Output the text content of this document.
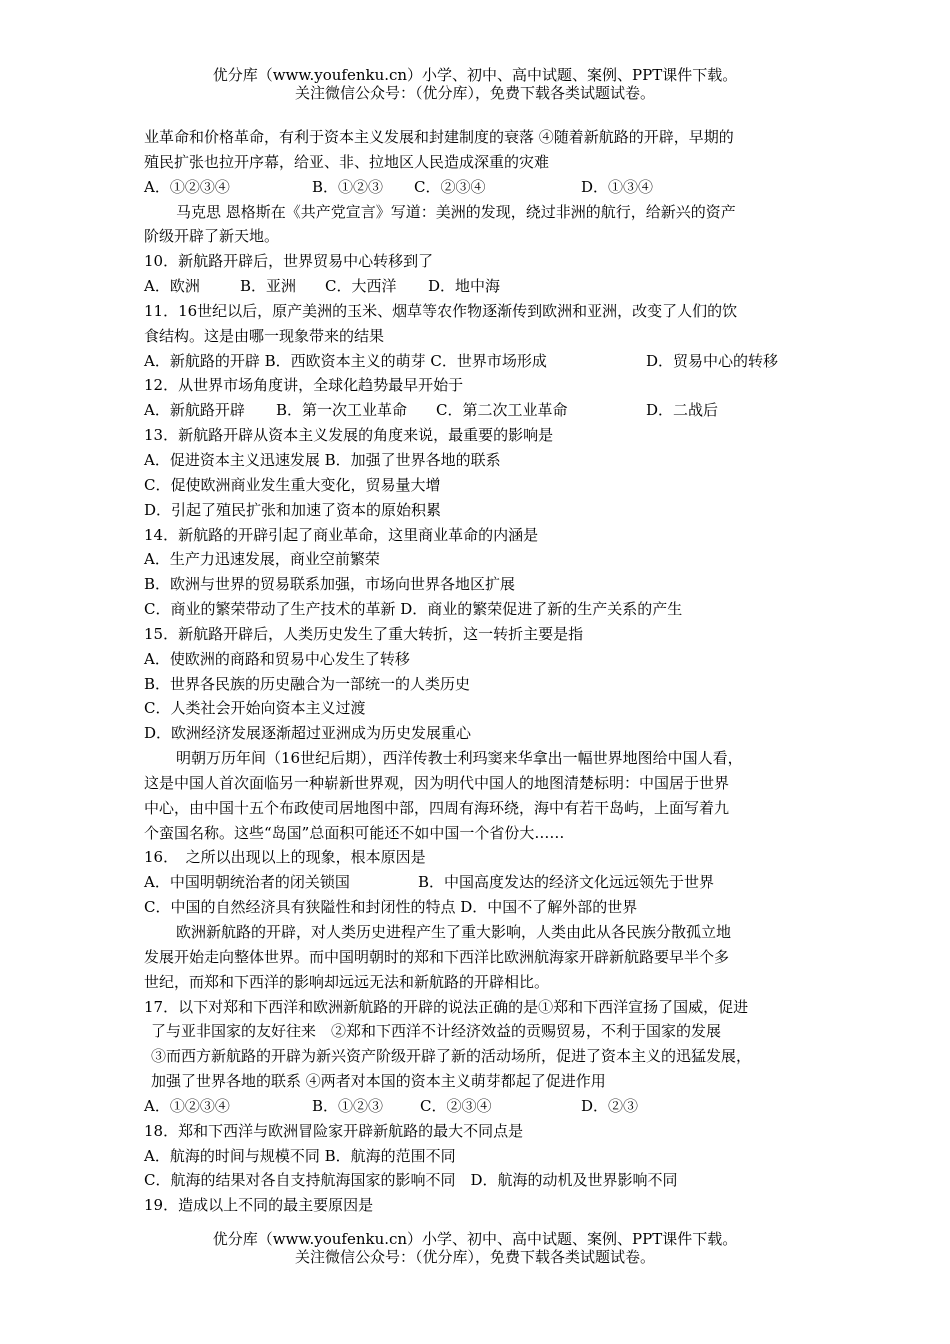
优分库（www.youfenku.cn）小学、初中、高中试题、案例、PPT课件下载。
关注微信公众号：（优分库），免费下载各类试题试卷。
业革命和价格革命，有利于资本主义发展和封建制度的衰落 ④随着新航路的开辟，早期的
殖民扩张也拉开序幕，给亚、非、拉地区人民造成深重的灾难
A．①②③④	B．①②③ C．②③④	D．①③④
马克思 恩格斯在《共产党宣言》写道：美洲的发现，绕过非洲的航行，给新兴的资产
阶级开辟了新天地。
10．新航路开辟后，世界贸易中心转移到了
A．欧洲	B．亚洲 C．大西洋 D．地中海
11．16世纪以后，原产美洲的玉米、烟草等农作物逐渐传到欧洲和亚洲，改变了人们的饮
食结构。这是由哪一现象带来的结果
A．新航路的开辟 B．西欧资本主义的萌芽 C．世界市场形成	D．贸易中心的转移
12．从世界市场角度讲，全球化趋势最早开始于
A．新航路开辟 B．第一次工业革命 C．第二次工业革命	D．二战后
13．新航路开辟从资本主义发展的角度来说，最重要的影响是
A．促进资本主义迅速发展 B．加强了世界各地的联系
C．促使欧洲商业发生重大变化，贸易量大增
D．引起了殖民扩张和加速了资本的原始积累
14．新航路的开辟引起了商业革命，这里商业革命的内涵是
A．生产力迅速发展，商业空前繁荣
B．欧洲与世界的贸易联系加强，市场向世界各地区扩展
C．商业的繁荣带动了生产技术的革新 D．商业的繁荣促进了新的生产关系的产生
15．新航路开辟后，人类历史发生了重大转折，这一转折主要是指
A．使欧洲的商路和贸易中心发生了转移
B．世界各民族的历史融合为一部统一的人类历史
C．人类社会开始向资本主义过渡
D．欧洲经济发展逐渐超过亚洲成为历史发展重心
明朝万历年间（16世纪后期），西洋传教士利玛窦来华拿出一幅世界地图给中国人看，
这是中国人首次面临另一种崭新世界观，因为明代中国人的地图清楚标明：中国居于世界
中心，由中国十五个布政使司居地图中部，四周有海环绕，海中有若干岛屿，上面写着九
个蛮国名称。这些“岛国”总面积可能还不如中国一个省份大……
16．　之所以出现以上的现象，根本原因是
A．中国明朝统治者的闭关锁国	B．中国高度发达的经济文化远远领先于世界
C．中国的自然经济具有狭隘性和封闭性的特点 D．中国不了解外部的世界
欧洲新航路的开辟，对人类历史进程产生了重大影响，人类由此从各民族分散孤立地
发展开始走向整体世界。而中国明朝时的郑和下西洋比欧洲航海家开辟新航路要早半个多
世纪，而郑和下西洋的影响却远远无法和新航路的开辟相比。
17．以下对郑和下西洋和欧洲新航路的开辟的说法正确的是①郑和下西洋宣扬了国威，促进
了与亚非国家的友好往来　②郑和下西洋不计经济效益的贡赐贸易，不利于国家的发展
③而西方新航路的开辟为新兴资产阶级开辟了新的活动场所，促进了资本主义的迅猛发展，
加强了世界各地的联系 ④两者对本国的资本主义萌芽都起了促进作用
A．①②③④	B．①②③ C．②③④	D．②③
18．郑和下西洋与欧洲冒险家开辟新航路的最大不同点是
A．航海的时间与规模不同 B．航海的范围不同
C．航海的结果对各自支持航海国家的影响不同　D．航海的动机及世界影响不同
19．造成以上不同的最主要原因是
优分库（www.youfenku.cn）小学、初中、高中试题、案例、PPT课件下载。
关注微信公众号：（优分库），免费下载各类试题试卷。
